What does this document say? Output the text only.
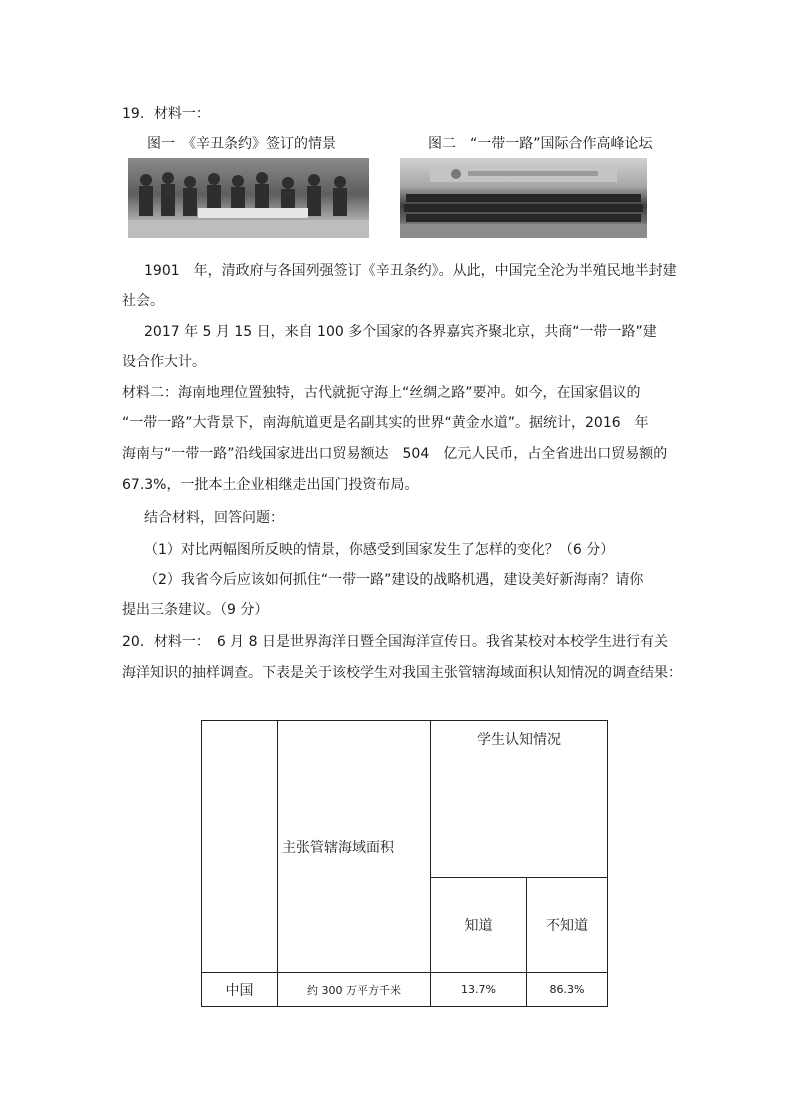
19．材料一：
图一　《辛丑条约》签订的情景	图二　“一带一路”国际合作高峰论坛
1901　年，清政府与各国列强签订《辛丑条约》。从此，中国完全沦为半殖民地半封建
社会。
2017 年 5 月 15 日，来自 100 多个国家的各界嘉宾齐聚北京，共商“一带一路”建
设合作大计。
材料二：海南地理位置独特，古代就扼守海上“丝绸之路”要冲。如今，在国家倡议的
“一带一路”大背景下，南海航道更是名副其实的世界“黄金水道”。据统计，2016　年
海南与“一带一路”沿线国家进出口贸易额达　504　亿元人民币，占全省进出口贸易额的
67.3%，一批本土企业相继走出国门投资布局。
结合材料，回答问题：
（1）对比两幅图所反映的情景，你感受到国家发生了怎样的变化？（6 分）
（2）我省今后应该如何抓住“一带一路”建设的战略机遇，建设美好新海南？请你
提出三条建议。（9 分）
20．材料一：　6 月 8 日是世界海洋日暨全国海洋宣传日。我省某校对本校学生进行有关
海洋知识的抽样调查。下表是关于该校学生对我国主张管辖海域面积认知情况的调查结果：
	主张管辖海域面积	学生认知情况	
		知道	不知道
中国	约 300 万平方千米	13.7%	86.3%
